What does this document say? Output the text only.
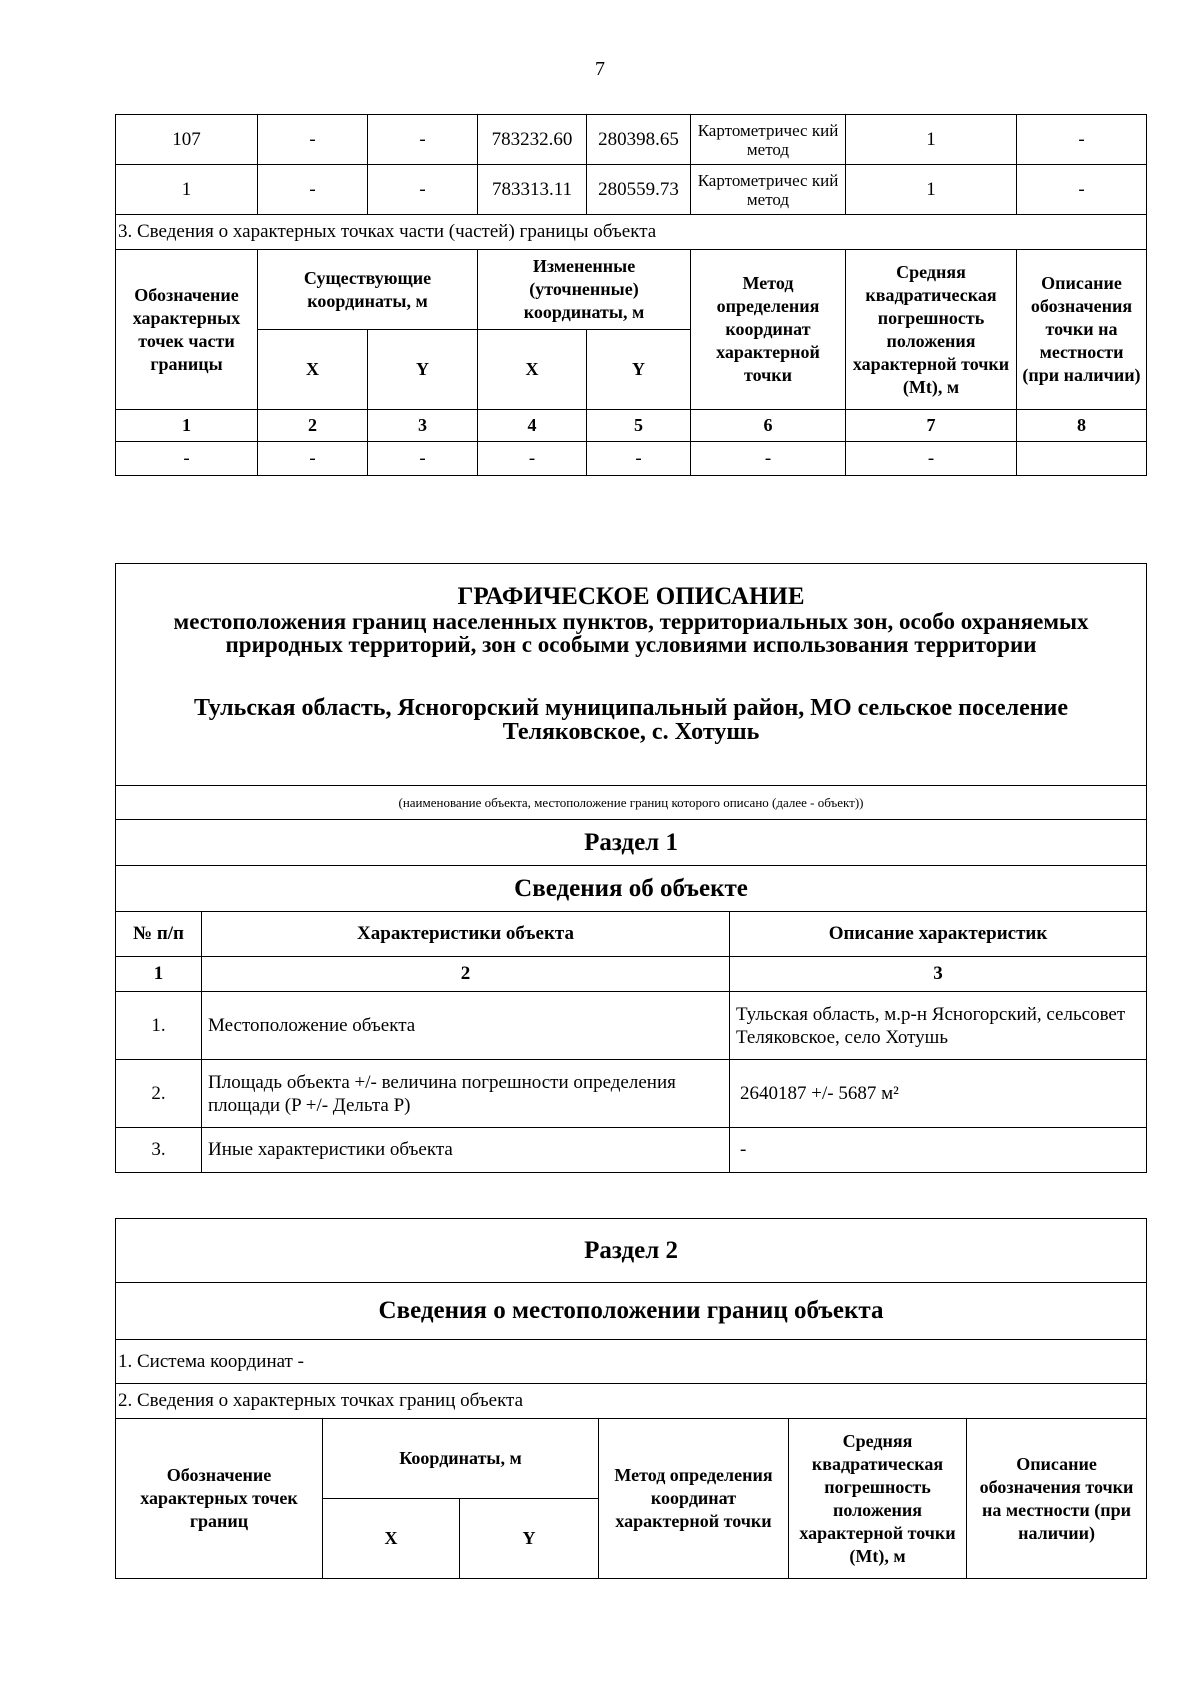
7
107	-	-	783232.60	280398.65	Картометричес кий метод	1	-
1	-	-	783313.11	280559.73	Картометричес кий метод	1	-
3. Сведения о характерных точках части (частей) границы объекта							
Обозначение характерных точек части границы	Существующие координаты, м		Измененные (уточненные) координаты, м		Метод определения координат характерной точки	Средняя квадратическая погрешность положения характерной точки (Mt), м	Описание обозначения точки на местности (при наличии)
	X	Y	X	Y			
1	2	3	4	5	6	7	8
-	-	-	-	-	-	-	
ГРАФИЧЕСКОЕ ОПИСАНИЕ
местоположения границ населенных пунктов, территориальных зон, особо охраняемых природных территорий, зон с особыми условиями использования территории
Тульская область, Ясногорский муниципальный район, МО сельское поселение Теляковское, с. Хотушь		

(наименование объекта, местоположение границ которого описано (далее - объект))		
Раздел 1		
Сведения об объекте		
№ п/п	Характеристики объекта	Описание характеристик
1	2	3
1.	Местоположение объекта	Тульская область, м.р-н Ясногорский, сельсовет Теляковское, село Хотушь
2.	Площадь объекта +/- величина погрешности определения площади (P +/- Дельта P)	2640187 +/- 5687 м²
3.	Иные характеристики объекта	-
Раздел 2					
Сведения о местоположении границ объекта					
1. Система координат -					
2. Сведения о характерных точках границ объекта					
Обозначение характерных точек границ	Координаты, м		Метод определения координат характерной точки	Средняя квадратическая погрешность положения характерной точки (Mt), м	Описание обозначения точки на местности (при наличии)
	X	Y			
